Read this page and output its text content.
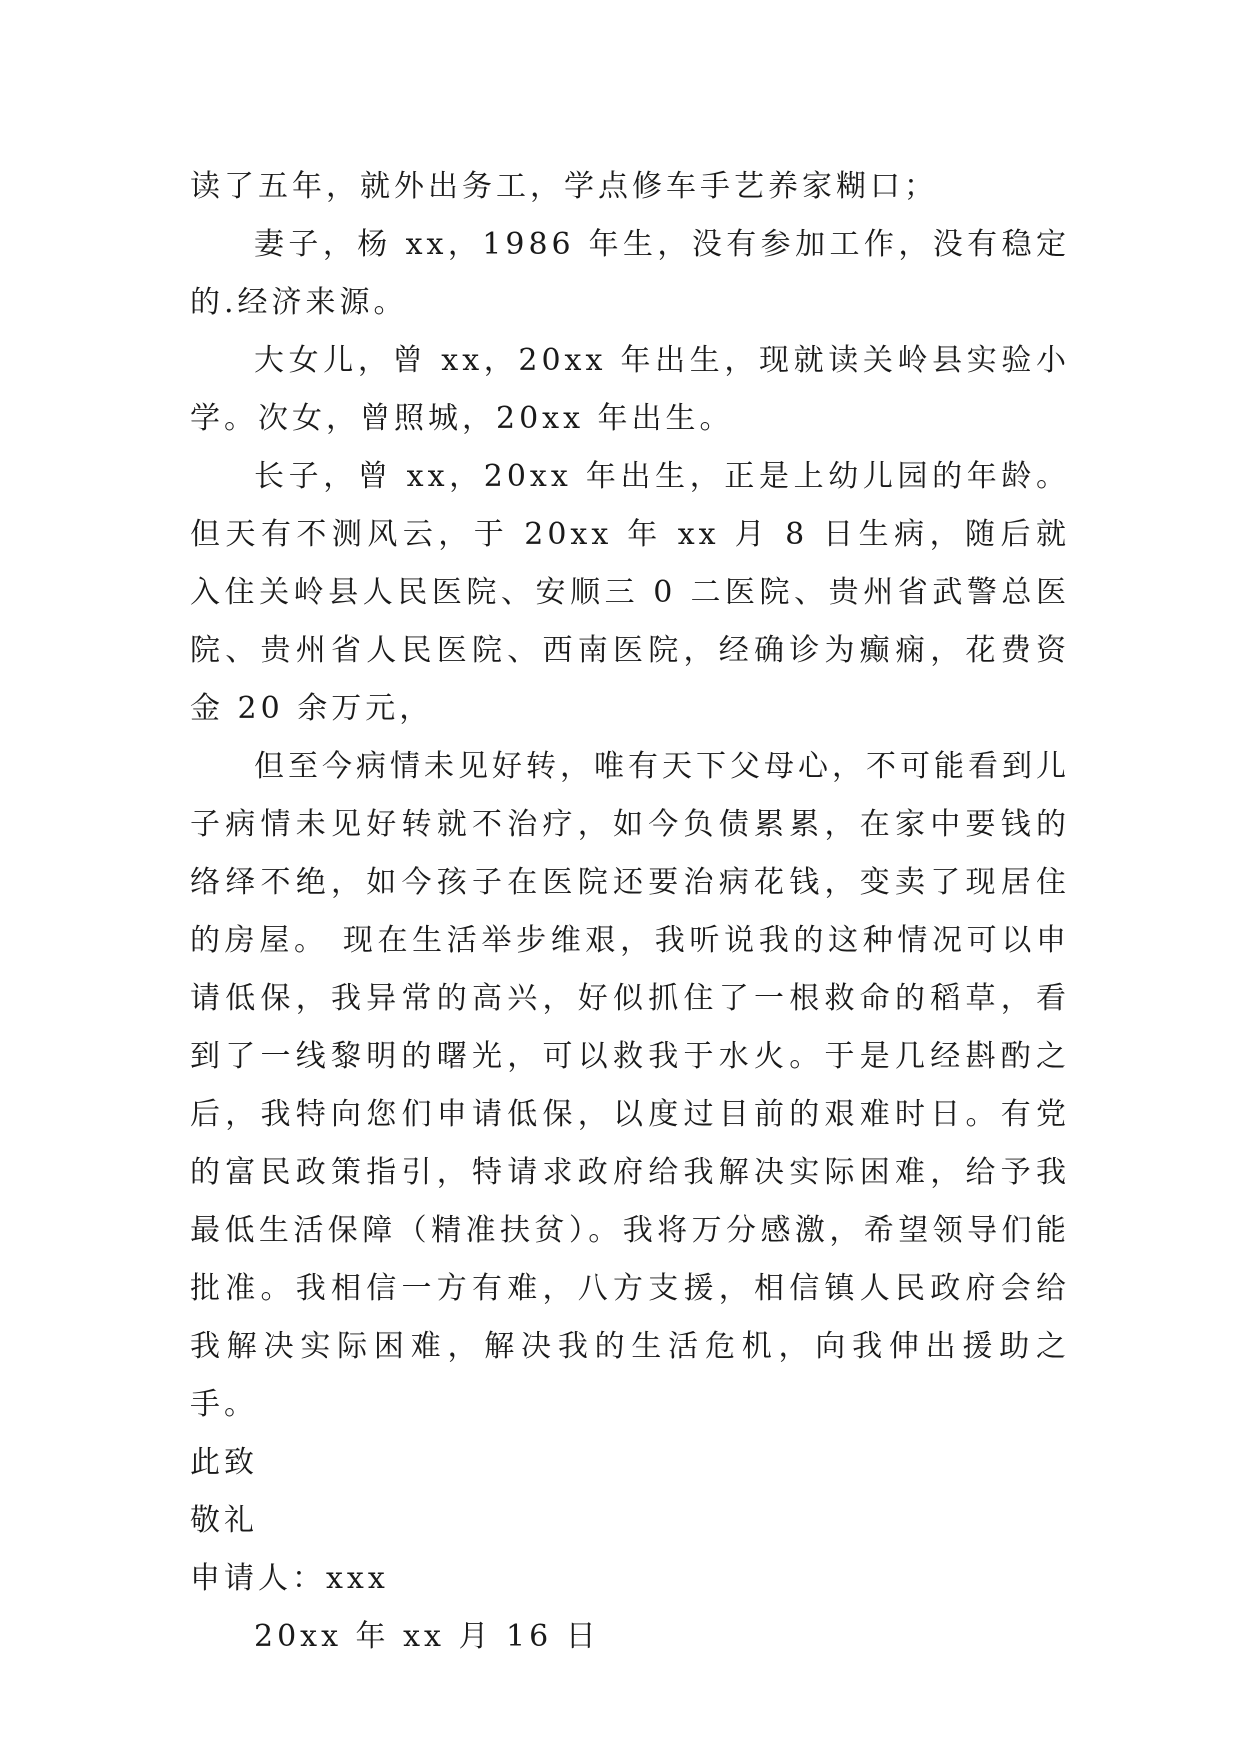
读了五年，就外出务工，学点修车手艺养家糊口；

妻子，杨 xx，1986 年生，没有参加工作，没有稳定的.经济来源。

大女儿，曾 xx，20xx 年出生，现就读关岭县实验小学。次女，曾照城，20xx 年出生。

长子，曾 xx，20xx 年出生，正是上幼儿园的年龄。但天有不测风云，于 20xx 年 xx 月 8 日生病，随后就入住关岭县人民医院、安顺三 0 二医院、贵州省武警总医院、贵州省人民医院、西南医院，经确诊为癫痫，花费资金 20 余万元，

但至今病情未见好转，唯有天下父母心，不可能看到儿子病情未见好转就不治疗，如今负债累累，在家中要钱的络绎不绝，如今孩子在医院还要治病花钱，变卖了现居住的房屋。 现在生活举步维艰，我听说我的这种情况可以申请低保，我异常的高兴，好似抓住了一根救命的稻草，看到了一线黎明的曙光，可以救我于水火。于是几经斟酌之后，我特向您们申请低保，以度过目前的艰难时日。有党的富民政策指引，特请求政府给我解决实际困难，给予我最低生活保障（精准扶贫）。我将万分感激，希望领导们能批准。我相信一方有难，八方支援，相信镇人民政府会给我解决实际困难，解决我的生活危机，向我伸出援助之手。

此致

敬礼

申请人：xxx

20xx 年 xx 月 16 日
